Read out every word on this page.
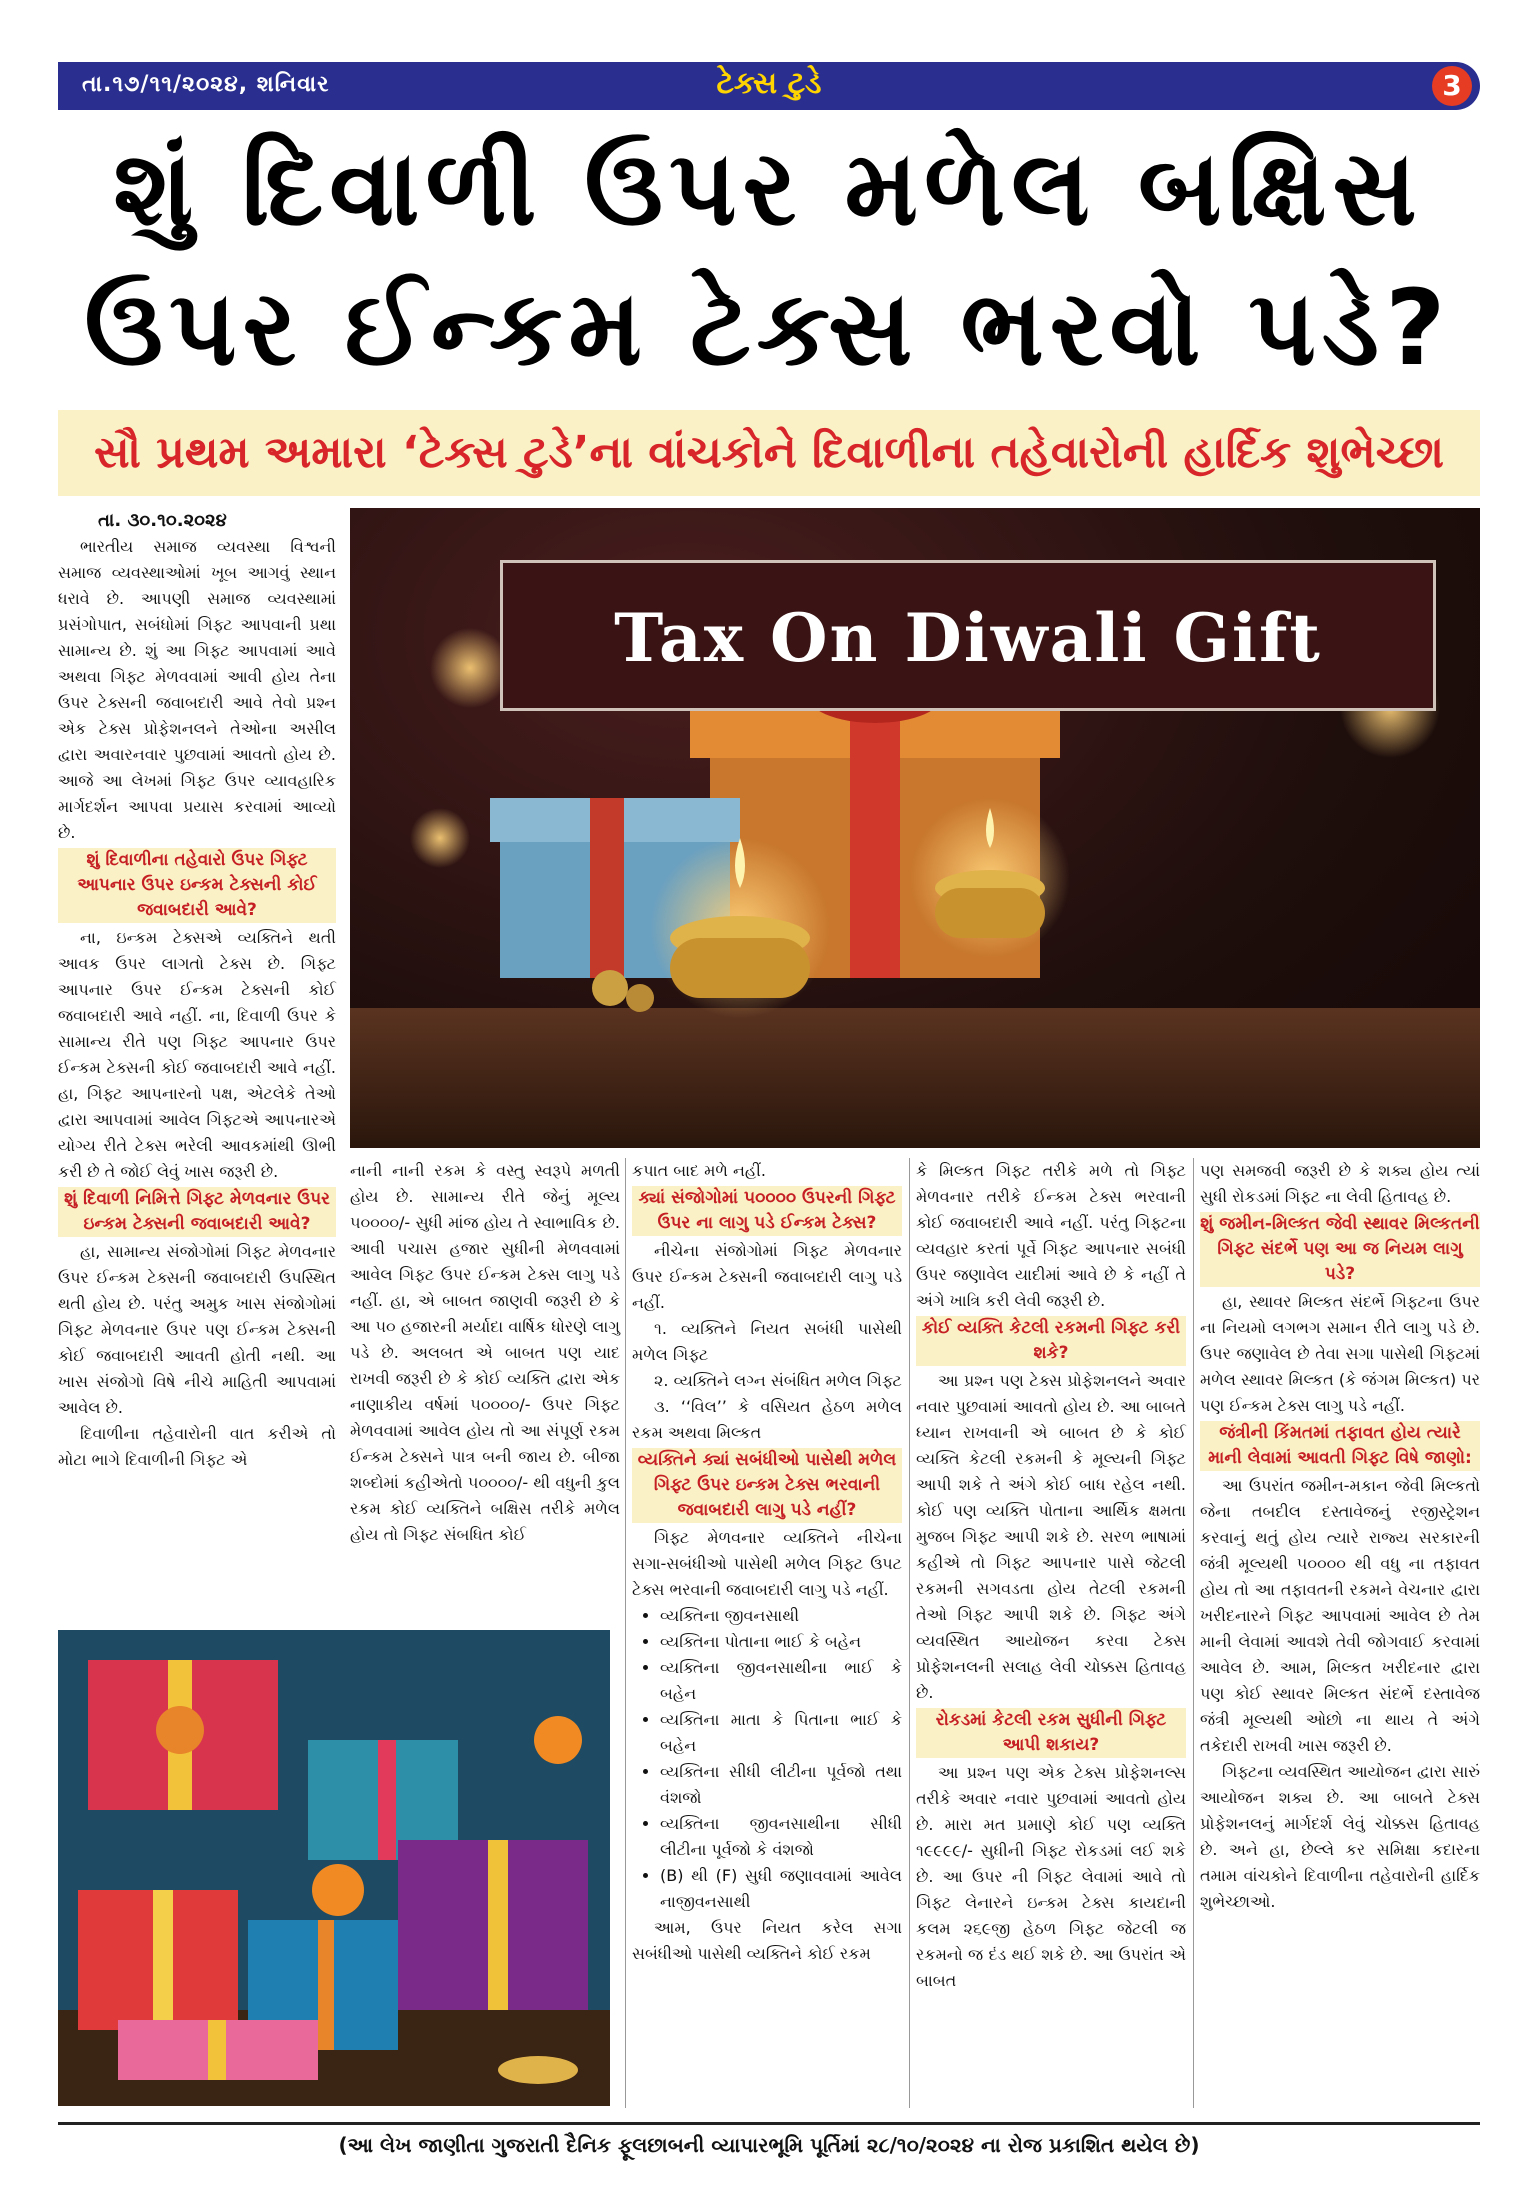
તા.૧૭/૧૧/૨૦૨૪, શનિવાર	ટેક્સ ટુડે	3
શું દિવાળી ઉપર મળેલ બક્ષિસ
ઉપર ઈન્કમ ટેક્સ ભરવો પડે?
સૌ પ્રથમ અમારા ‘ટેક્સ ટુડે’ના વાંચકોને દિવાળીના તહેવારોની હાર્દિક શુભેચ્છા

તા. ૩૦.૧૦.૨૦૨૪

ભારતીય સમાજ વ્યવસ્થા વિશ્વની સમાજ વ્યવસ્થાઓમાં ખૂબ આગવું સ્થાન ધરાવે છે. આપણી સમાજ વ્યવસ્થામાં પ્રસંગોપાત, સબંધોમાં ગિફ્ટ આપવાની પ્રથા સામાન્ય છે. શું આ ગિફ્ટ આપવામાં આવે અથવા ગિફ્ટ મેળવવામાં આવી હોય તેના ઉપર ટેક્સની જવાબદારી આવે તેવો પ્રશ્ન એક ટેક્સ પ્રોફેશનલને તેઓના અસીલ દ્વારા અવારનવાર પુછવામાં આવતો હોય છે. આજે આ લેખમાં ગિફ્ટ ઉપર વ્યાવહારિક માર્ગદર્શન આપવા પ્રયાસ કરવામાં આવ્યો છે.

શું દિવાળીના તહેવારો ઉપર ગિફ્ટ આપનાર ઉપર ઇન્કમ ટેક્સની કોઈ જવાબદારી આવે?

ના, ઇન્કમ ટેક્સએ વ્યક્તિને થતી આવક ઉપર લાગતો ટેક્સ છે. ગિફ્ટ આપનાર ઉપર ઈન્કમ ટેક્સની કોઈ જવાબદારી આવે નહીં. ના, દિવાળી ઉપર કે સામાન્ય રીતે પણ ગિફ્ટ આપનાર ઉપર ઈન્કમ ટેક્સની કોઈ જવાબદારી આવે નહીં. હા, ગિફ્ટ આપનારનો પક્ષ, એટલેકે તેઓ દ્વારા આપવામાં આવેલ ગિફ્ટએ આપનારએ યોગ્ય રીતે ટેક્સ ભરેલી આવકમાંથી ઊભી કરી છે તે જોઈ લેવું ખાસ જરૂરી છે.

શું દિવાળી નિમિત્તે ગિફ્ટ મેળવનાર ઉપર ઇન્કમ ટેક્સની જવાબદારી આવે?

હા, સામાન્ય સંજોગોમાં ગિફ્ટ મેળવનાર ઉપર ઈન્કમ ટેક્સની જવાબદારી ઉપસ્થિત થતી હોય છે. પરંતુ અમુક ખાસ સંજોગોમાં ગિફ્ટ મેળવનાર ઉપર પણ ઈન્કમ ટેક્સની કોઈ જવાબદારી આવતી હોતી નથી. આ ખાસ સંજોગો વિષે નીચે માહિતી આપવામાં આવેલ છે.

દિવાળીના તહેવારોની વાત કરીએ તો મોટા ભાગે દિવાળીની ગિફ્ટ એ

Tax On Diwali Gift

નાની નાની રકમ કે વસ્તુ સ્વરૂપે મળતી હોય છે. સામાન્ય રીતે જેનું મૂલ્ય ૫૦૦૦૦/- સુધી માંજ હોય તે સ્વાભાવિક છે. આવી પચાસ હજાર સુધીની મેળવવામાં આવેલ ગિફ્ટ ઉપર ઈન્કમ ટેક્સ લાગુ પડે નહીં. હા, એ બાબત જાણવી જરૂરી છે કે આ ૫૦ હજારની મર્યાદા વાર્ષિક ધોરણે લાગુ પડે છે. અલબત એ બાબત પણ યાદ રાખવી જરૂરી છે કે કોઈ વ્યક્તિ દ્વારા એક નાણાકીય વર્ષમાં ૫૦૦૦૦/- ઉપર ગિફ્ટ મેળવવામાં આવેલ હોય તો આ સંપૂર્ણ રકમ ઈન્કમ ટેક્સને પાત્ર બની જાય છે. બીજા શબ્દોમાં કહીએતો ૫૦૦૦૦/- થી વધુની કુલ રકમ કોઈ વ્યક્તિને બક્ષિસ તરીકે મળેલ હોય તો ગિફ્ટ સંબધિત કોઈ

કપાત બાદ મળે નહીં.

ક્યાં સંજોગોમાં ૫૦૦૦૦ ઉપરની ગિફ્ટ ઉપર ના લાગુ પડે ઈન્કમ ટેક્સ?

નીચેના સંજોગોમાં ગિફ્ટ મેળવનાર ઉપર ઈન્કમ ટેક્સની જવાબદારી લાગુ પડે નહીં.

૧. વ્યક્તિને નિયત સબંધી પાસેથી મળેલ ગિફ્ટ

૨. વ્યક્તિને લગ્ન સંબંધિત મળેલ ગિફ્ટ

૩. ‘‘વિલ’’ કે વસિયત હેઠળ મળેલ રકમ અથવા મિલ્કત

વ્યક્તિને ક્યાં સબંધીઓ પાસેથી મળેલ ગિફ્ટ ઉપર ઇન્કમ ટેક્સ ભરવાની જવાબદારી લાગુ પડે નહીં?

ગિફ્ટ મેળવનાર વ્યક્તિને નીચેના સગા-સબંધીઓ પાસેથી મળેલ ગિફ્ટ ઉપટ ટેક્સ ભરવાની જવાબદારી લાગુ પડે નહીં.

• વ્યક્તિના જીવનસાથી
• વ્યક્તિના પોતાના ભાઈ કે બહેન
• વ્યક્તિના જીવનસાથીના ભાઈ કે બહેન
• વ્યક્તિના માતા કે પિતાના ભાઈ કે બહેન
• વ્યક્તિના સીધી લીટીના પૂર્વજો તથા વંશજો
• વ્યક્તિના જીવનસાથીના સીધી લીટીના પૂર્વજો કે વંશજો
• (B) થી (F) સુધી જણાવવામાં આવેલ નાજીવનસાથી

આમ, ઉપર નિયત કરેલ સગા સબંધીઓ પાસેથી વ્યક્તિને કોઈ રકમ

કે મિલ્કત ગિફ્ટ તરીકે મળે તો ગિફ્ટ મેળવનાર તરીકે ઈન્કમ ટેક્સ ભરવાની કોઈ જવાબદારી આવે નહીં. પરંતુ ગિફ્ટના વ્યવહાર કરતાં પૂર્વે ગિફ્ટ આપનાર સબંધી ઉપર જણાવેલ યાદીમાં આવે છે કે નહીં તે અંગે ખાત્રિ કરી લેવી જરૂરી છે.

કોઈ વ્યક્તિ કેટલી રકમની ગિફ્ટ કરી શકે?

આ પ્રશ્ન પણ ટેક્સ પ્રોફેશનલને અવાર નવાર પુછવામાં આવતો હોય છે. આ બાબતે ધ્યાન રાખવાની એ બાબત છે કે કોઈ વ્યક્તિ કેટલી રકમની કે મૂલ્યની ગિફ્ટ આપી શકે તે અંગે કોઈ બાધ રહેલ નથી. કોઈ પણ વ્યક્તિ પોતાના આર્થિક ક્ષમતા મુજબ ગિફ્ટ આપી શકે છે. સરળ ભાષામાં કહીએ તો ગિફ્ટ આપનાર પાસે જેટલી રકમની સગવડતા હોય તેટલી રકમની તેઓ ગિફ્ટ આપી શકે છે. ગિફ્ટ અંગે વ્યવસ્થિત આયોજન કરવા ટેક્સ પ્રોફેશનલની સલાહ લેવી ચોક્કસ હિતાવહ છે.

રોકડમાં કેટલી રકમ સુધીની ગિફ્ટ આપી શકાય?

આ પ્રશ્ન પણ એક ટેક્સ પ્રોફેશનલ્સ તરીકે અવાર નવાર પુછવામાં આવતો હોય છે. મારા મત પ્રમાણે કોઈ પણ વ્યક્તિ ૧૯૯૯૯/- સુધીની ગિફ્ટ રોકડમાં લઈ શકે છે. આ ઉપર ની ગિફ્ટ લેવામાં આવે તો ગિફ્ટ લેનારને ઇન્કમ ટેક્સ કાયદાની કલમ ૨૬૯જી હેઠળ ગિફ્ટ જેટલી જ રકમનો જ દંડ થઈ શકે છે. આ ઉપરાંત એ બાબત

પણ સમજવી જરૂરી છે કે શક્ય હોય ત્યાં સુધી રોકડમાં ગિફ્ટ ના લેવી હિતાવહ છે.

શું જમીન-મિલ્કત જેવી સ્થાવર મિલ્કતની ગિફ્ટ સંદર્ભે પણ આ જ નિયમ લાગુ પડે?

હા, સ્થાવર મિલ્કત સંદર્ભે ગિફ્ટના ઉપર ના નિયમો લગભગ સમાન રીતે લાગુ પડે છે. ઉપર જણાવેલ છે તેવા સગા પાસેથી ગિફ્ટમાં મળેલ સ્થાવર મિલ્કત (કે જંગમ મિલ્કત) પર પણ ઈન્કમ ટેક્સ લાગુ પડે નહીં.

જંત્રીની કિંમતમાં તફાવત હોય ત્યારે માની લેવામાં આવતી ગિફ્ટ વિષે જાણો:

આ ઉપરાંત જમીન-મકાન જેવી મિલ્કતો જેના તબદીલ દસ્તાવેજનું રજીસ્ટ્રેશન કરવાનું થતું હોય ત્યારે રાજ્ય સરકારની જંત્રી મૂલ્યથી ૫૦૦૦૦ થી વધુ ના તફાવત હોય તો આ તફાવતની રકમને વેચનાર દ્વારા ખરીદનારને ગિફ્ટ આપવામાં આવેલ છે તેમ માની લેવામાં આવશે તેવી જોગવાઈ કરવામાં આવેલ છે. આમ, મિલ્કત ખરીદનાર દ્વારા પણ કોઈ સ્થાવર મિલ્કત સંદર્ભે દસ્તાવેજ જંત્રી મૂલ્યથી ઓછો ના થાય તે અંગે તકેદારી રાખવી ખાસ જરૂરી છે.

ગિફ્ટના વ્યવસ્થિત આયોજન દ્વારા સારું આયોજન શક્ય છે. આ બાબતે ટેક્સ પ્રોફેશનલનું માર્ગદર્શ લેવું ચોક્કસ હિતાવહ છે. અને હા, છેલ્લે કર સમિક્ષા કદારના તમામ વાંચકોને દિવાળીના તહેવારોની હાર્દિક શુભેચ્છાઓ.

(આ લેખ જાણીતા ગુજરાતી દૈનિક ફૂલછાબની વ્યાપારભૂમિ પૂર્તિમાં ૨૮/૧૦/૨૦૨૪ ના રોજ પ્રકાશિત થયેલ છે)
